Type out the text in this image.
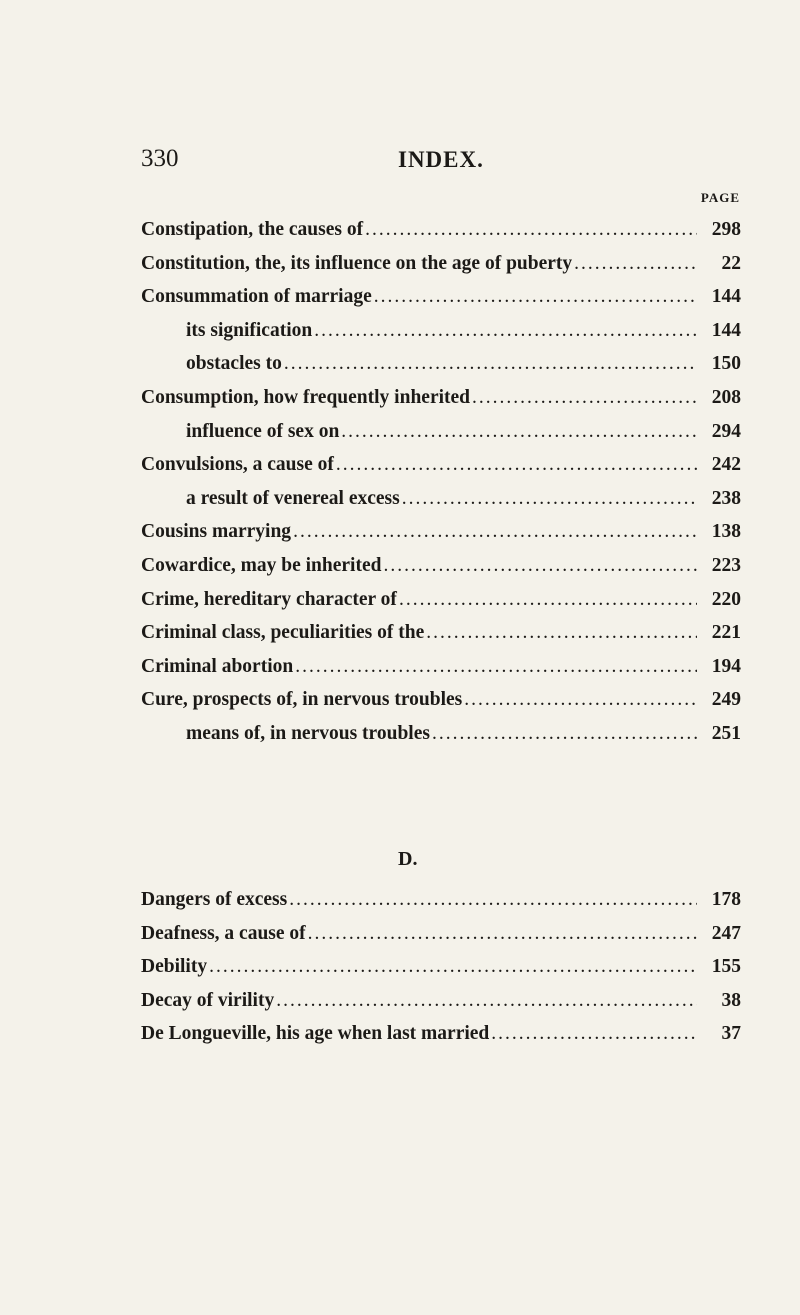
330	INDEX.
PAGE
Constipation, the causes of .....	298
Constitution, the, its influence on the age of puberty .....	22
Consummation of marriage .....	144
its signification .....	144
obstacles to .....	150
Consumption, how frequently inherited .....	208
influence of sex on .....	294
Convulsions, a cause of .....	242
a result of venereal excess .....	238
Cousins marrying .....	138
Cowardice, may be inherited .....	223
Crime, hereditary character of .....	220
Criminal class, peculiarities of the .....	221
Criminal abortion .....	194
Cure, prospects of, in nervous troubles .....	249
means of, in nervous troubles .....	251
D.
Dangers of excess .....	178
Deafness, a cause of .....	247
Debility .....	155
Decay of virility .....	38
De Longueville, his age when last married .....	37
